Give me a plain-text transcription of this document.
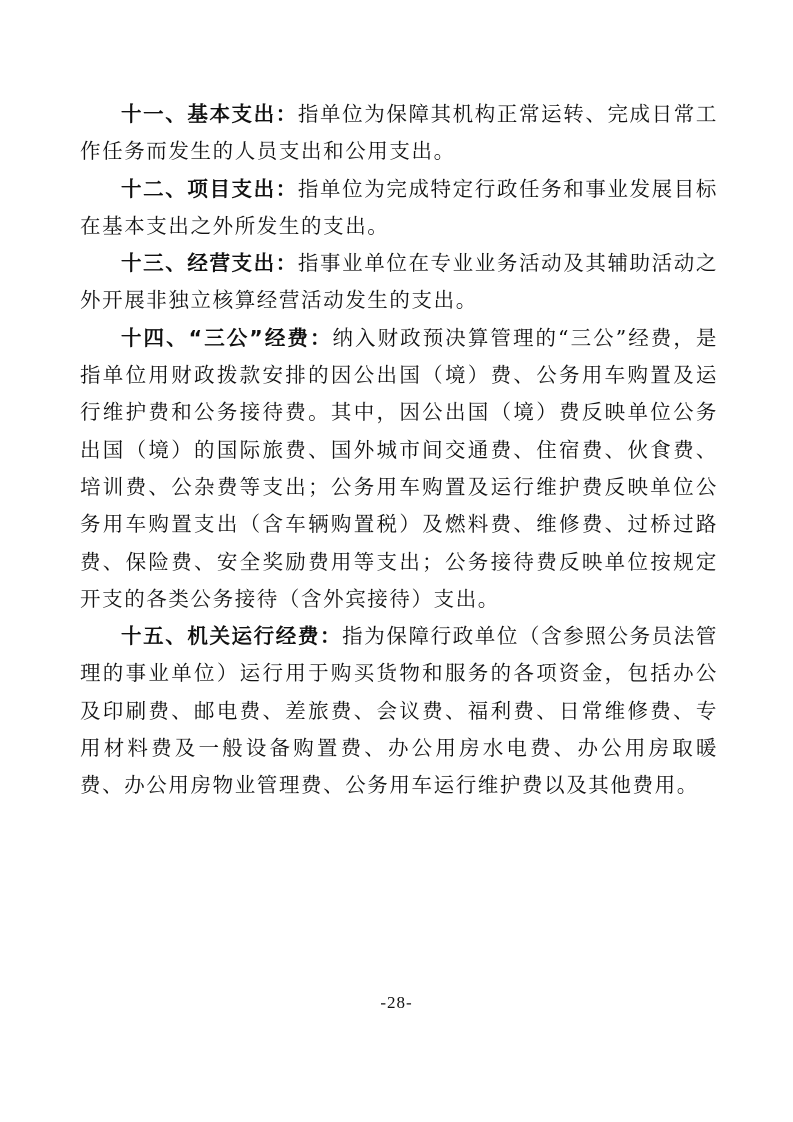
十一、基本支出：指单位为保障其机构正常运转、完成日常工作任务而发生的人员支出和公用支出。

十二、项目支出：指单位为完成特定行政任务和事业发展目标在基本支出之外所发生的支出。

十三、经营支出：指事业单位在专业业务活动及其辅助活动之外开展非独立核算经营活动发生的支出。

十四、“三公”经费：纳入财政预决算管理的“三公”经费，是指单位用财政拨款安排的因公出国（境）费、公务用车购置及运行维护费和公务接待费。其中，因公出国（境）费反映单位公务出国（境）的国际旅费、国外城市间交通费、住宿费、伙食费、培训费、公杂费等支出；公务用车购置及运行维护费反映单位公务用车购置支出（含车辆购置税）及燃料费、维修费、过桥过路费、保险费、安全奖励费用等支出；公务接待费反映单位按规定开支的各类公务接待（含外宾接待）支出。

十五、机关运行经费：指为保障行政单位（含参照公务员法管理的事业单位）运行用于购买货物和服务的各项资金，包括办公及印刷费、邮电费、差旅费、会议费、福利费、日常维修费、专用材料费及一般设备购置费、办公用房水电费、办公用房取暖费、办公用房物业管理费、公务用车运行维护费以及其他费用。

-28-
